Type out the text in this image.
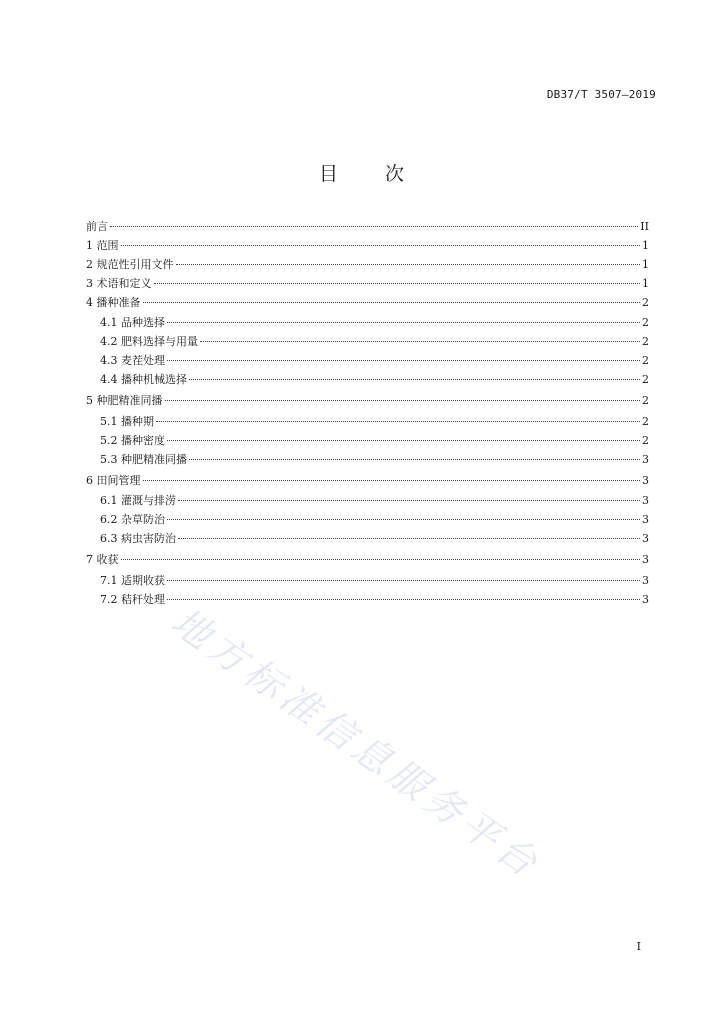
DB37/T 3507—2019
目 次
前言	II
1 范围	1
2 规范性引用文件	1
3 术语和定义	1
4 播种准备	2
4.1 品种选择	2
4.2 肥料选择与用量	2
4.3 麦茬处理	2
4.4 播种机械选择	2
5 种肥精准同播	2
5.1 播种期	2
5.2 播种密度	2
5.3 种肥精准同播	3
6 田间管理	3
6.1 灌溉与排涝	3
6.2 杂草防治	3
6.3 病虫害防治	3
7 收获	3
7.1 适期收获	3
7.2 秸秆处理	3
地方标准信息服务平台
I
